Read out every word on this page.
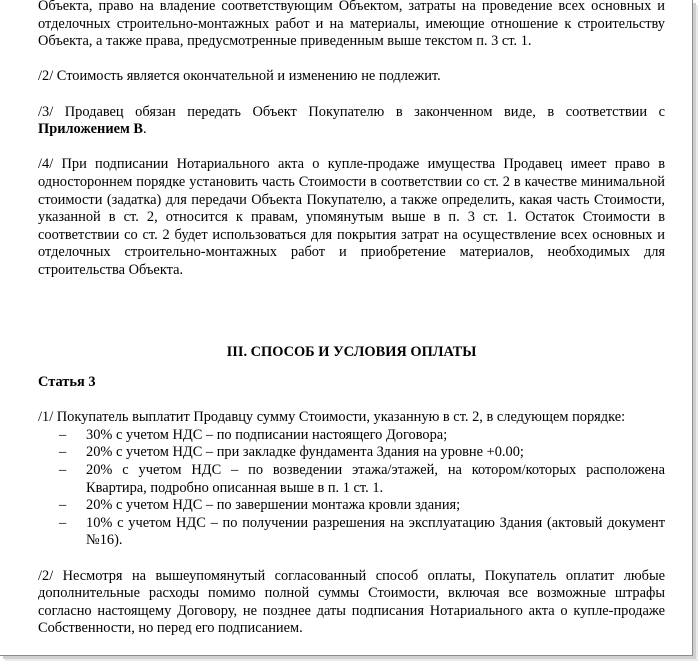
Объекта, право на владение соответствующим Объектом, затраты на проведение всех основных и отделочных строительно-монтажных работ и на материалы, имеющие отношение к строительству Объекта, а также права, предусмотренные приведенным выше текстом п. 3 ст. 1.

/2/ Стоимость является окончательной и изменению не подлежит.

/3/ Продавец обязан передать Объект Покупателю в законченном виде, в соответствии с Приложением В.

/4/ При подписании Нотариального акта о купле-продаже имущества Продавец имеет право в одностороннем порядке установить часть Стоимости в соответствии со ст. 2 в качестве минимальной стоимости (задатка) для передачи Объекта Покупателю, а также определить, какая часть Стоимости, указанной в ст. 2, относится к правам, упомянутым выше в п. 3 ст. 1. Остаток Стоимости в соответствии со ст. 2 будет использоваться для покрытия затрат на осуществление всех основных и отделочных строительно-монтажных работ и приобретение материалов, необходимых для строительства Объекта.

III. СПОСОБ И УСЛОВИЯ ОПЛАТЫ

Статья 3

/1/ Покупатель выплатит Продавцу сумму Стоимости, указанную в ст. 2, в следующем порядке:

– 30% с учетом НДС – по подписании настоящего Договора;
– 20% с учетом НДС – при закладке фундамента Здания на уровне +0.00;
– 20% с учетом НДС – по возведении этажа/этажей, на котором/которых расположена Квартира, подробно описанная выше в п. 1 ст. 1.
– 20% с учетом НДС – по завершении монтажа кровли здания;
– 10% с учетом НДС – по получении разрешения на эксплуатацию Здания (актовый документ №16).

/2/ Несмотря на вышеупомянутый согласованный способ оплаты, Покупатель оплатит любые дополнительные расходы помимо полной суммы Стоимости, включая все возможные штрафы согласно настоящему Договору, не позднее даты подписания Нотариального акта о купле-продаже Собственности, но перед его подписанием.
